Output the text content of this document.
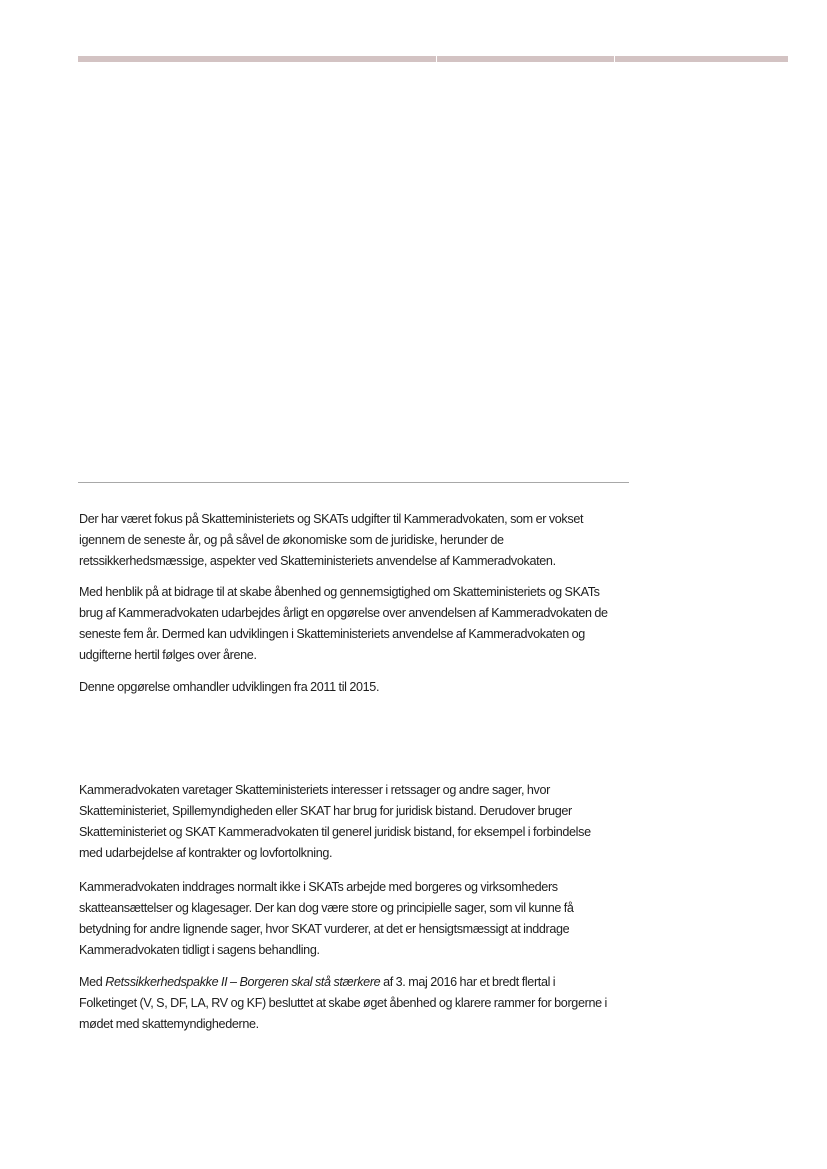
Der har været fokus på Skatteministeriets og SKATs udgifter til Kammeradvokaten, som er vokset igennem de seneste år, og på såvel de økonomiske som de juridiske, herunder de retssikkerhedsmæssige, aspekter ved Skatteministeriets anvendelse af Kammeradvokaten.

Med henblik på at bidrage til at skabe åbenhed og gennemsigtighed om Skatteministeriets og SKATs brug af Kammeradvokaten udarbejdes årligt en opgørelse over anvendelsen af Kammeradvokaten de seneste fem år. Dermed kan udviklingen i Skatteministeriets anvendelse af Kammeradvokaten og udgifterne hertil følges over årene.

Denne opgørelse omhandler udviklingen fra 2011 til 2015.

Kammeradvokaten varetager Skatteministeriets interesser i retssager og andre sager, hvor Skatteministeriet, Spillemyndigheden eller SKAT har brug for juridisk bistand. Derudover bruger Skatteministeriet og SKAT Kammeradvokaten til generel juridisk bistand, for eksempel i forbindelse med udarbejdelse af kontrakter og lovfortolkning.

Kammeradvokaten inddrages normalt ikke i SKATs arbejde med borgeres og virksomheders skatteansættelser og klagesager. Der kan dog være store og principielle sager, som vil kunne få betydning for andre lignende sager, hvor SKAT vurderer, at det er hensigtsmæssigt at inddrage Kammeradvokaten tidligt i sagens behandling.

Med Retssikkerhedspakke II – Borgeren skal stå stærkere af 3. maj 2016 har et bredt flertal i Folketinget (V, S, DF, LA, RV og KF) besluttet at skabe øget åbenhed og klarere rammer for borgerne i mødet med skattemyndighederne.
